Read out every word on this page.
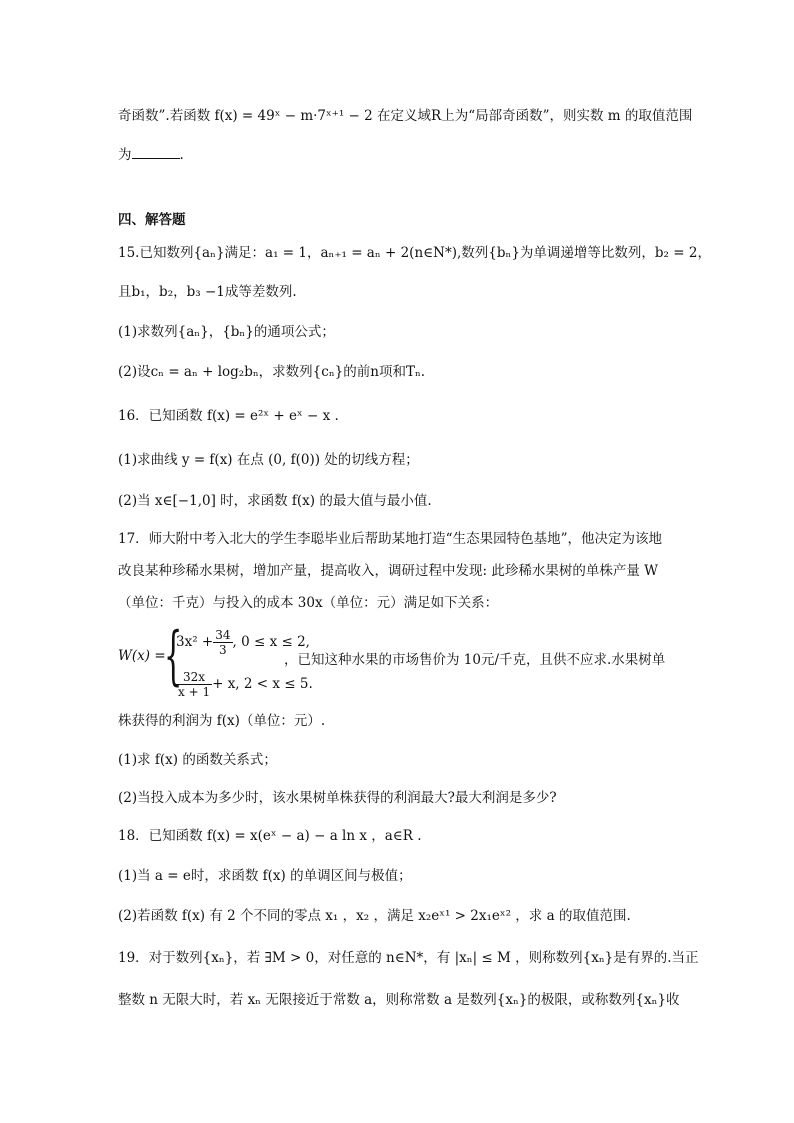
奇函数”.若函数 f(x) = 49ˣ − m·7ˣ⁺¹ − 2 在定义域R上为“局部奇函数”，则实数 m 的取值范围
为	.
四、解答题
15.已知数列{aₙ}满足：a₁ = 1，aₙ₊₁ = aₙ + 2(n∈N*),数列{bₙ}为单调递增等比数列，b₂ = 2，
且b₁，b₂，b₃ −1成等差数列.
(1)求数列{aₙ}，{bₙ}的通项公式；
(2)设cₙ = aₙ + log₂bₙ，求数列{cₙ}的前n项和Tₙ.
16．已知函数 f(x) = e²ˣ + eˣ − x .
(1)求曲线 y = f(x) 在点 (0, f(0)) 处的切线方程；
(2)当 x∈[−1,0] 时，求函数 f(x) 的最大值与最小值.
17．师大附中考入北大的学生李聪毕业后帮助某地打造“生态果园特色基地”，他决定为该地
改良某种珍稀水果树，增加产量，提高收入，调研过程中发现: 此珍稀水果树的单株产量 W
（单位：千克）与投入的成本 30x（单位：元）满足如下关系：
W(x) =
{
$3x^2 + \frac{34}{3}$ , 0 ≤ x ≤ 2,
$\frac{32x}{x + 1} + x$, 2 < x ≤ 5.
，已知这种水果的市场售价为 10元/千克，且供不应求.水果树单
株获得的利润为 f(x)（单位：元）.
(1)求 f(x) 的函数关系式；
(2)当投入成本为多少时，该水果树单株获得的利润最大?最大利润是多少?
18．已知函数 f(x) = x(eˣ − a) − a ln x ，a∈R .
(1)当 a = e时，求函数 f(x) 的单调区间与极值；
(2)若函数 f(x) 有 2 个不同的零点 x₁ ，x₂ ，满足 x₂eˣ¹ > 2x₁eˣ² ，求 a 的取值范围.
19．对于数列{xₙ}，若 ∃M > 0，对任意的 n∈N*，有 |xₙ| ≤ M ，则称数列{xₙ}是有界的.当正
整数 n 无限大时，若 xₙ 无限接近于常数 a，则称常数 a 是数列{xₙ}的极限，或称数列{xₙ}收
